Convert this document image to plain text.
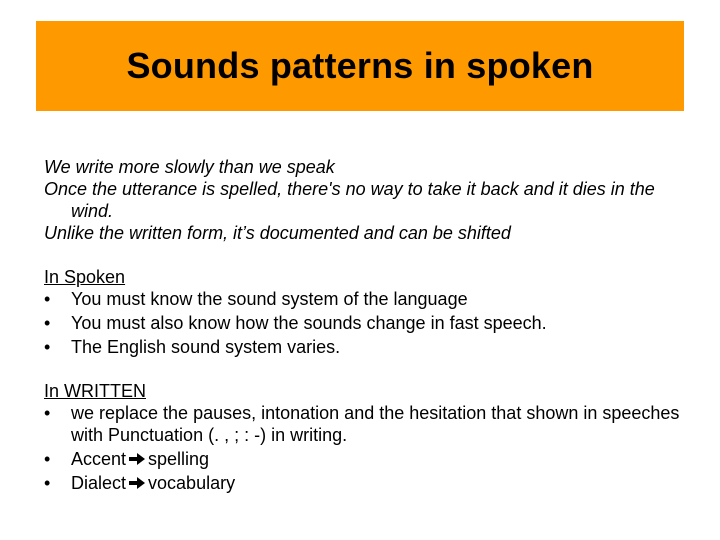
Sounds patterns in spoken

We write more slowly than we speak

Once the utterance is spelled, there's no way to take it back and it dies in the wind.

Unlike the written form, it’s documented and can be shifted

In Spoken

•	You must know the sound system of the language
•	You must also know how the sounds change in fast speech.
•	The English sound system varies.

In WRITTEN

•	we replace the pauses, intonation and the hesitation that shown in speeches with Punctuation (. , ; : -) in writing.
•	Accent spelling
•	Dialect vocabulary
